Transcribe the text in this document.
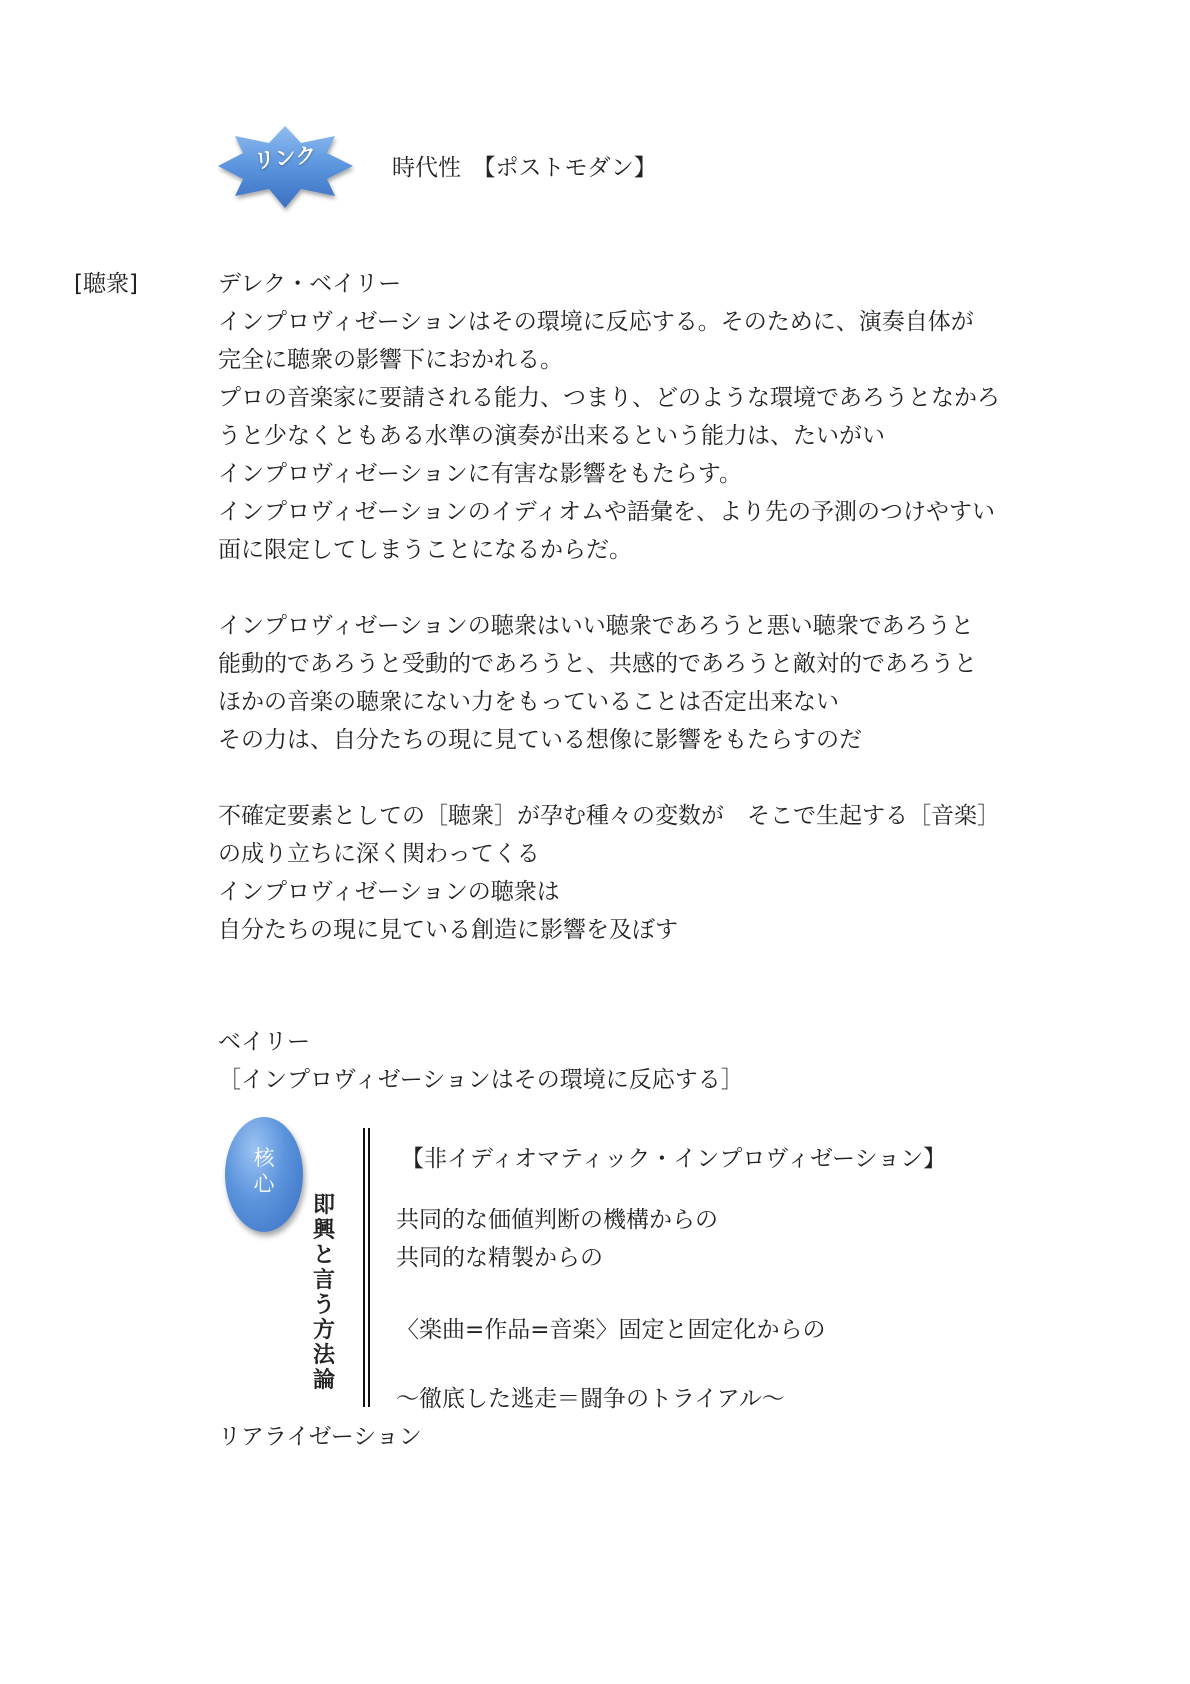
リンク	時代性　【ポストモダン】
[聴衆]	デレク・ベイリー
インプロヴィゼーションはその環境に反応する。そのために、演奏自体が
完全に聴衆の影響下におかれる。
プロの音楽家に要請される能力、つまり、どのような環境であろうとなかろ
うと少なくともある水準の演奏が出来るという能力は、たいがい
インプロヴィゼーションに有害な影響をもたらす。
インプロヴィゼーションのイディオムや語彙を、より先の予測のつけやすい
面に限定してしまうことになるからだ。
インプロヴィゼーションの聴衆はいい聴衆であろうと悪い聴衆であろうと
能動的であろうと受動的であろうと、共感的であろうと敵対的であろうと
ほかの音楽の聴衆にない力をもっていることは否定出来ない
その力は、自分たちの現に見ている想像に影響をもたらすのだ
不確定要素としての［聴衆］が孕む種々の変数が　そこで生起する［音楽］
の成り立ちに深く関わってくる
インプロヴィゼーションの聴衆は
自分たちの現に見ている創造に影響を及ぼす
ベイリー
［インプロヴィゼーションはその環境に反応する］
核
心
即
興
と
言
う
方
法
論
【非イディオマティック・インプロヴィゼーション】
共同的な価値判断の機構からの
共同的な精製からの
〈楽曲=作品=音楽〉固定と固定化からの
〜徹底した逃走＝闘争のトライアル〜
リアライゼーション
